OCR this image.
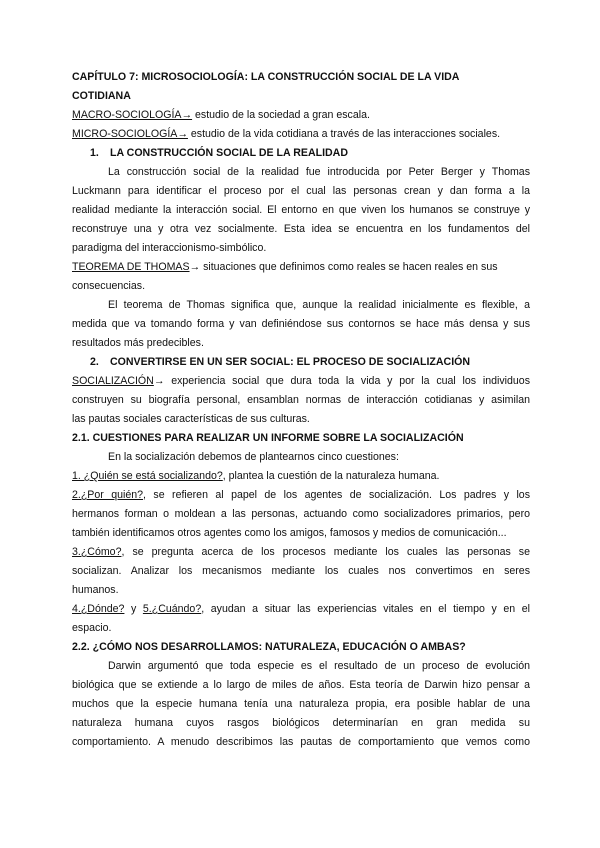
CAPÍTULO 7: MICROSOCIOLOGÍA: LA CONSTRUCCIÓN SOCIAL DE LA VIDA
COTIDIANA
MACRO-SOCIOLOGÍA→ estudio de la sociedad a gran escala.
MICRO-SOCIOLOGÍA→ estudio de la vida cotidiana a través de las interacciones sociales.
1. LA CONSTRUCCIÓN SOCIAL DE LA REALIDAD
La construcción social de la realidad fue introducida por Peter Berger y Thomas
Luckmann para identificar el proceso por el cual las personas crean y dan forma a la
realidad mediante la interacción social. El entorno en que viven los humanos se construye y
reconstruye una y otra vez socialmente. Esta idea se encuentra en los fundamentos del
paradigma del interaccionismo-simbólico.
TEOREMA DE THOMAS→ situaciones que definimos como reales se hacen reales en sus
consecuencias.
El teorema de Thomas significa que, aunque la realidad inicialmente es flexible, a
medida que va tomando forma y van definiéndose sus contornos se hace más densa y sus
resultados más predecibles.
2. CONVERTIRSE EN UN SER SOCIAL: EL PROCESO DE SOCIALIZACIÓN
SOCIALIZACIÓN→ experiencia social que dura toda la vida y por la cual los individuos
construyen su biografía personal, ensamblan normas de interacción cotidianas y asimilan
las pautas sociales características de sus culturas.
2.1. CUESTIONES PARA REALIZAR UN INFORME SOBRE LA SOCIALIZACIÓN
En la socialización debemos de plantearnos cinco cuestiones:
1. ¿Quién se está socializando?, plantea la cuestión de la naturaleza humana.
2.¿Por quién?, se refieren al papel de los agentes de socialización. Los padres y los
hermanos forman o moldean a las personas, actuando como socializadores primarios, pero
también identificamos otros agentes como los amigos, famosos y medios de comunicación...
3.¿Cómo?, se pregunta acerca de los procesos mediante los cuales las personas se
socializan. Analizar los mecanismos mediante los cuales nos convertimos en seres
humanos.
4.¿Dónde? y 5.¿Cuándo?, ayudan a situar las experiencias vitales en el tiempo y en el
espacio.
2.2. ¿CÓMO NOS DESARROLLAMOS: NATURALEZA, EDUCACIÓN O AMBAS?
Darwin argumentó que toda especie es el resultado de un proceso de evolución
biológica que se extiende a lo largo de miles de años. Esta teoría de Darwin hizo pensar a
muchos que la especie humana tenía una naturaleza propia, era posible hablar de una
naturaleza humana cuyos rasgos biológicos determinarían en gran medida su
comportamiento. A menudo describimos las pautas de comportamiento que vemos como
